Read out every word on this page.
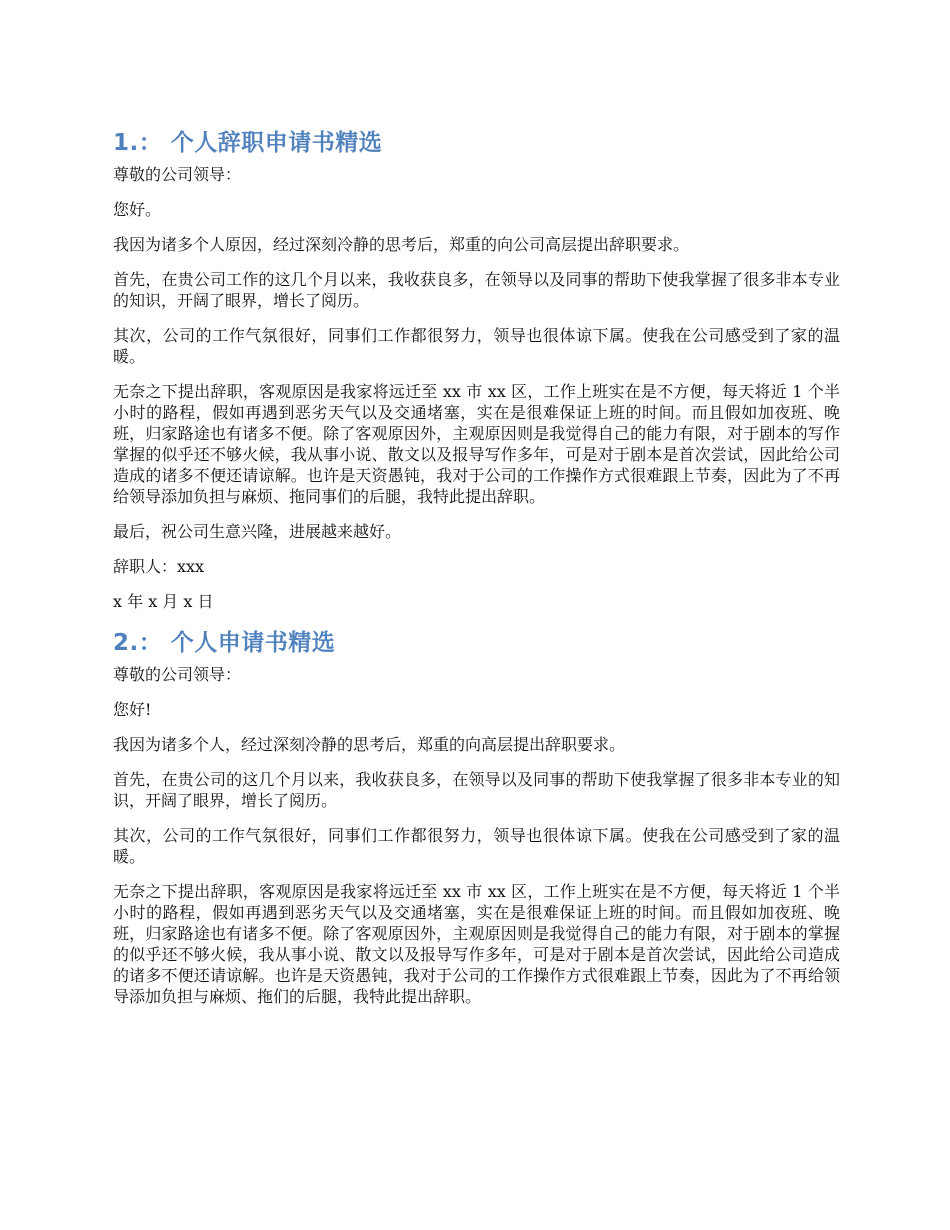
1.： 个人辞职申请书精选

尊敬的公司领导：

您好。

我因为诸多个人原因，经过深刻冷静的思考后，郑重的向公司高层提出辞职要求。

首先，在贵公司工作的这几个月以来，我收获良多，在领导以及同事的帮助下使我掌握了很多非本专业的知识，开阔了眼界，增长了阅历。

其次，公司的工作气氛很好，同事们工作都很努力，领导也很体谅下属。使我在公司感受到了家的温暖。

无奈之下提出辞职，客观原因是我家将远迁至 xx 市 xx 区，工作上班实在是不方便，每天将近 1 个半小时的路程，假如再遇到恶劣天气以及交通堵塞，实在是很难保证上班的时间。而且假如加夜班、晚班，归家路途也有诸多不便。除了客观原因外，主观原因则是我觉得自己的能力有限，对于剧本的写作掌握的似乎还不够火候，我从事小说、散文以及报导写作多年，可是对于剧本是首次尝试，因此给公司造成的诸多不便还请谅解。也许是天资愚钝，我对于公司的工作操作方式很难跟上节奏，因此为了不再给领导添加负担与麻烦、拖同事们的后腿，我特此提出辞职。

最后，祝公司生意兴隆，进展越来越好。

辞职人：xxx

x 年 x 月 x 日

2.： 个人申请书精选

尊敬的公司领导：

您好!

我因为诸多个人，经过深刻冷静的思考后，郑重的向高层提出辞职要求。

首先，在贵公司的这几个月以来，我收获良多，在领导以及同事的帮助下使我掌握了很多非本专业的知识，开阔了眼界，增长了阅历。

其次，公司的工作气氛很好，同事们工作都很努力，领导也很体谅下属。使我在公司感受到了家的温暖。

无奈之下提出辞职，客观原因是我家将远迁至 xx 市 xx 区，工作上班实在是不方便，每天将近 1 个半小时的路程，假如再遇到恶劣天气以及交通堵塞，实在是很难保证上班的时间。而且假如加夜班、晚班，归家路途也有诸多不便。除了客观原因外，主观原因则是我觉得自己的能力有限，对于剧本的掌握的似乎还不够火候，我从事小说、散文以及报导写作多年，可是对于剧本是首次尝试，因此给公司造成的诸多不便还请谅解。也许是天资愚钝，我对于公司的工作操作方式很难跟上节奏，因此为了不再给领导添加负担与麻烦、拖们的后腿，我特此提出辞职。
